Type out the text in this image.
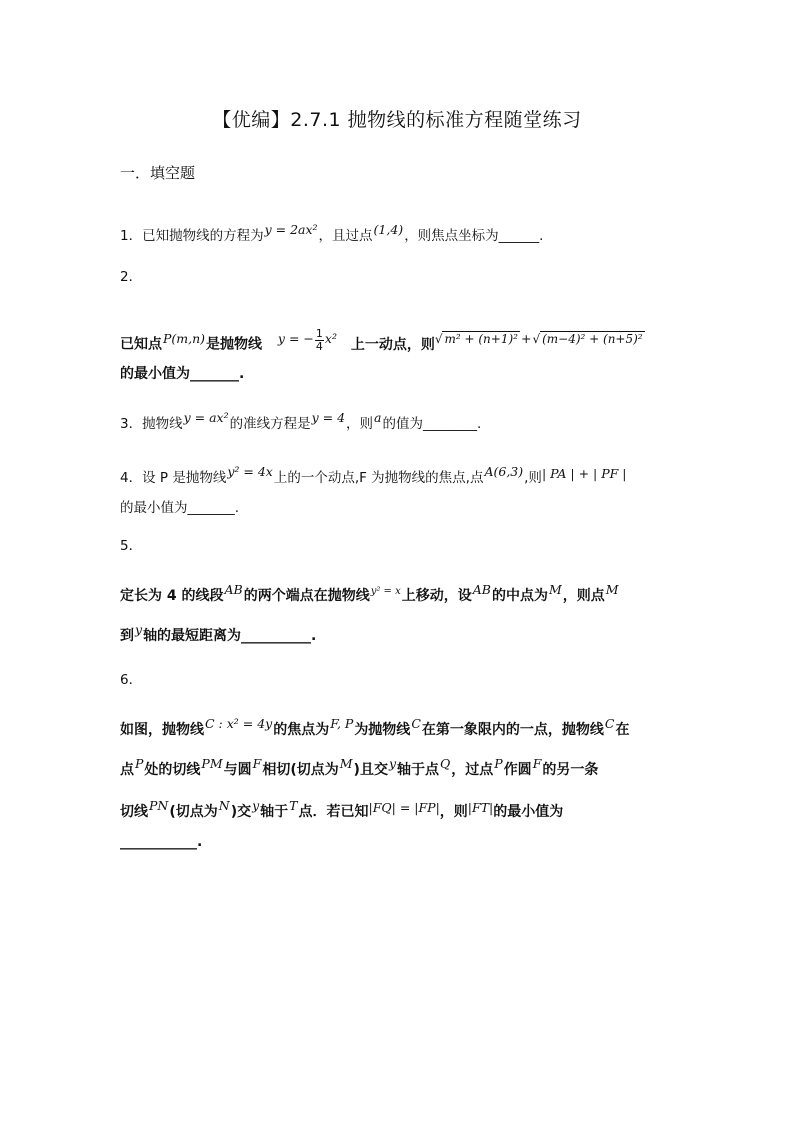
【优编】2.7.1 抛物线的标准方程随堂练习
一．填空题
1．已知抛物线的方程为y = 2ax²，且过点(1,4)，则焦点坐标为______.
2．
已知点P(m,n)是抛物线 y = − $\frac{1}{4} x^2$ 上一动点，则√ m² + (n+1)² +√ (m−4)² + (n+5)²
的最小值为_______.
3．抛物线y = ax²的准线方程是y = 4，则a的值为________.
4．设 P 是抛物线y² = 4x上的一个动点,F 为抛物线的焦点,点A(6,3),则| PA | + | PF |
的最小值为_______.
5．
定长为 4 的线段AB的两个端点在抛物线$^{y^2 = x}$上移动，设AB的中点为M，则点M
到y轴的最短距离为__________.
6．
如图，抛物线C : x² = 4y的焦点为F, P为抛物线C在第一象限内的一点，抛物线C在
点P处的切线PM与圆F相切(切点为M)且交y轴于点Q，过点P作圆F的另一条
切线PN(切点为N)交y轴于T点．若已知|FQ| = |FP|，则|FT|的最小值为
___________.
